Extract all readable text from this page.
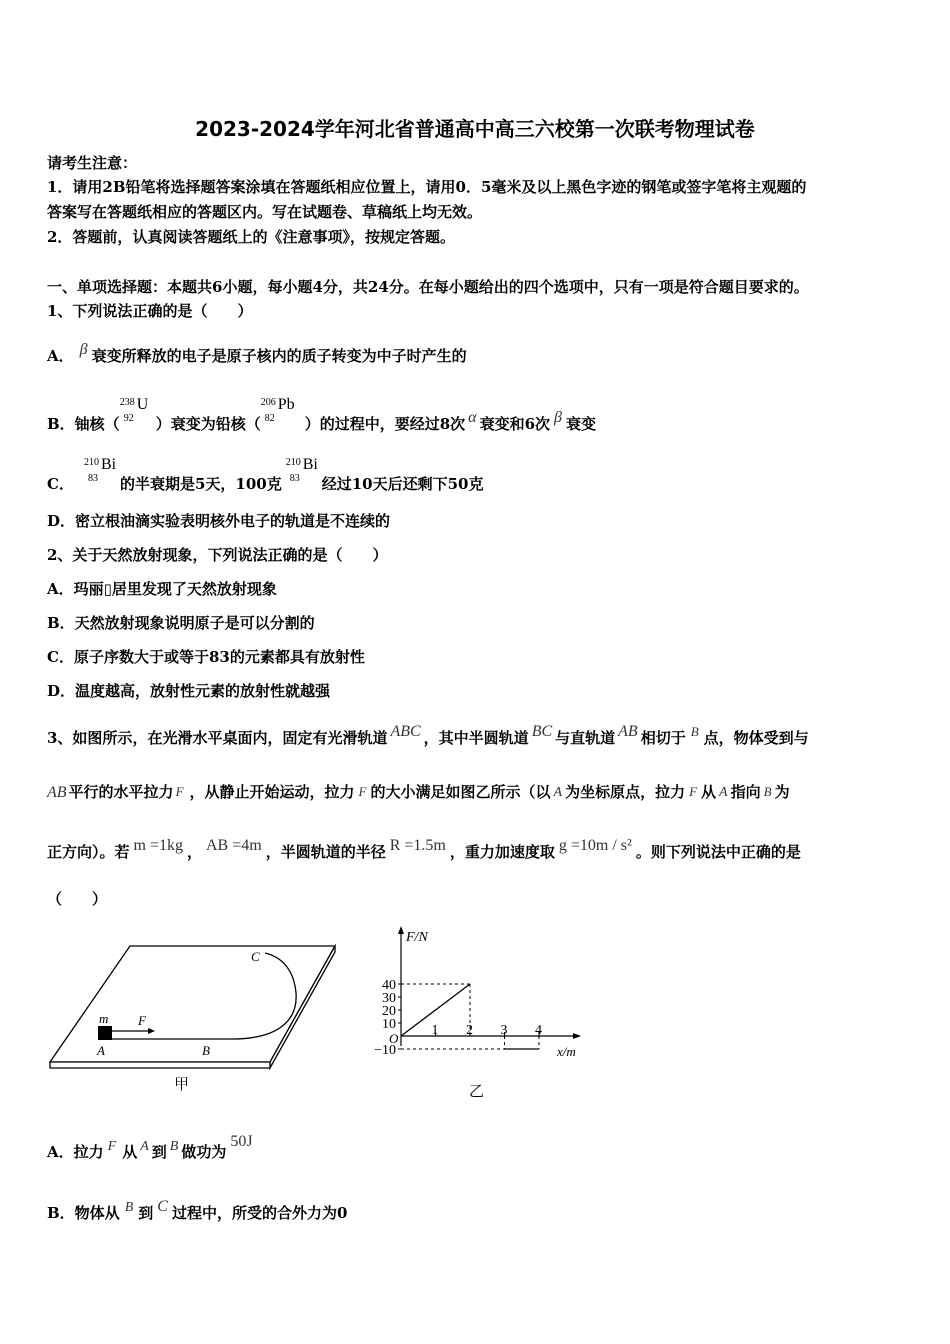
2023-2024学年河北省普通高中高三六校第一次联考物理试卷
请考生注意：
1．请用2B铅笔将选择题答案涂填在答题纸相应位置上，请用0．5毫米及以上黑色字迹的钢笔或签字笔将主观题的
答案写在答题纸相应的答题区内。写在试题卷、草稿纸上均无效。
2．答题前，认真阅读答题纸上的《注意事项》，按规定答题。
一、单项选择题：本题共6小题，每小题4分，共24分。在每小题给出的四个选项中，只有一项是符合题目要求的。
1、下列说法正确的是（　　）
A． β 衰变所释放的电子是原子核内的质子转变为中子时产生的
B．铀核（
238
92
U
）衰变为铅核（
206
82
Pb
）的过程中，要经过8次 α 衰变和6次 β 衰变
C．
210
83
Bi
的半衰期是5天，100克
210
83
Bi
经过10天后还剩下50克
D．密立根油滴实验表明核外电子的轨道是不连续的
2、关于天然放射现象，下列说法正确的是（　　）
A．玛丽▯居里发现了天然放射现象
B．天然放射现象说明原子是可以分割的
C．原子序数大于或等于83的元素都具有放射性
D．温度越高，放射性元素的放射性就越强
3、如图所示，在光滑水平桌面内，固定有光滑轨道 ABC ，其中半圆轨道 BC 与直轨道 AB 相切于 B 点，物体受到与
AB 平行的水平拉力 F ，从静止开始运动，拉力 F 的大小满足如图乙所示（以 A 为坐标原点，拉力 F 从 A 指向 B 为
正方向）。若 m =1kg ， AB =4m ，半圆轨道的半径 R =1.5m ，重力加速度取 g =10m / s² 。则下列说法中正确的是
（　　）
m F
A	B
C
甲
F/N
x/m
O
40
30
20
10
−10
1 2 3 4
乙
A．拉力 F 从 A 到 B 做功为50J
B．物体从 B 到 C 过程中，所受的合外力为0
